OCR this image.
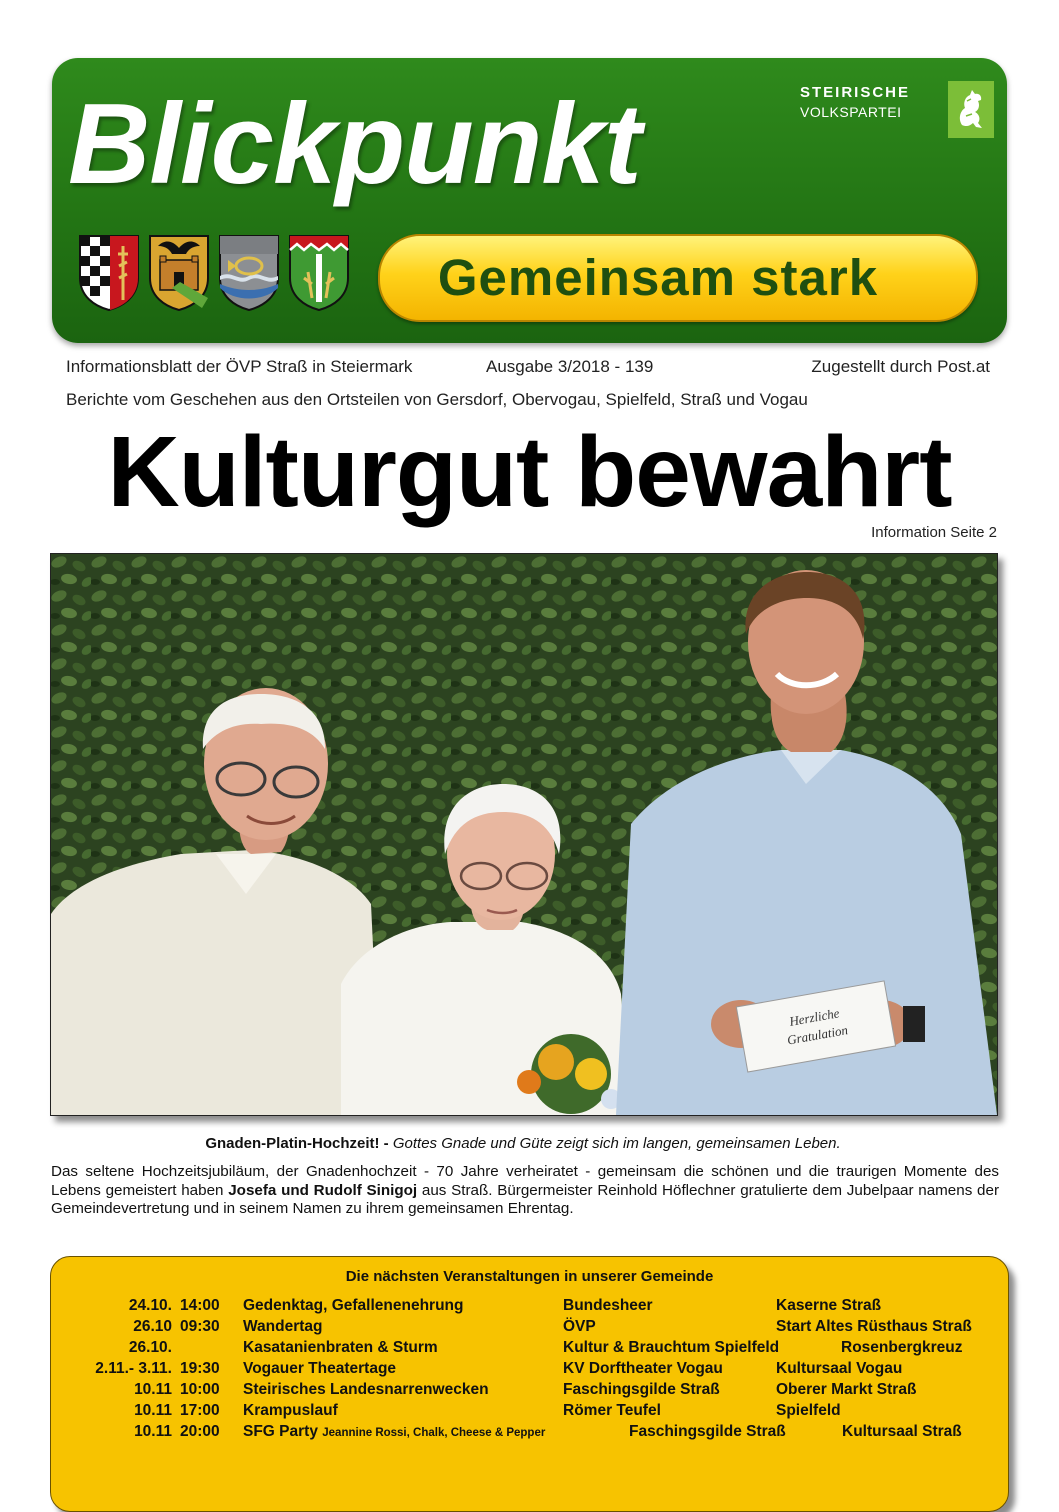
Blickpunkt	STEIRISCHE
VOLKSPARTEI
Gemeinsam stark
Informationsblatt der ÖVP Straß in Steiermark	Ausgabe 3/2018 - 139	Zugestellt durch Post.at
Berichte vom Geschehen aus den Ortsteilen von Gersdorf, Obervogau, Spielfeld, Straß und Vogau
Kulturgut bewahrt
Information Seite 2
Herzliche
Gratulation
Gnaden-Platin-Hochzeit! - Gottes Gnade und Güte zeigt sich im langen, gemeinsamen Leben.
Das seltene Hochzeitsjubiläum, der Gnadenhochzeit - 70 Jahre verheiratet - gemeinsam die schönen und die traurigen Momente des Lebens gemeistert haben Josefa und Rudolf Sinigoj aus Straß. Bürgermeister Reinhold Höflechner gratulierte dem Jubelpaar namens der Gemeindevertretung und in seinem Namen zu ihrem gemeinsamen Ehrentag.
Die nächsten Veranstaltungen in unserer Gemeinde
24.10. 14:00 Gedenktag, Gefallenenehrung	Bundesheer	Kaserne Straß
26.10 09:30 Wandertag	ÖVP	Start Altes Rüsthaus Straß
26.10.	Kasatanienbraten & Sturm	Kultur & Brauchtum Spielfeld	Rosenbergkreuz
2.11.- 3.11. 19:30 Vogauer Theatertage	KV Dorftheater Vogau	Kultursaal Vogau
10.11 10:00 Steirisches Landesnarrenwecken	Faschingsgilde Straß	Oberer Markt Straß
10.11 17:00 Krampuslauf	Römer Teufel	Spielfeld
10.11 20:00 SFG Party Jeannine Rossi, Chalk, Cheese & Pepper	Faschingsgilde Straß	Kultursaal Straß
